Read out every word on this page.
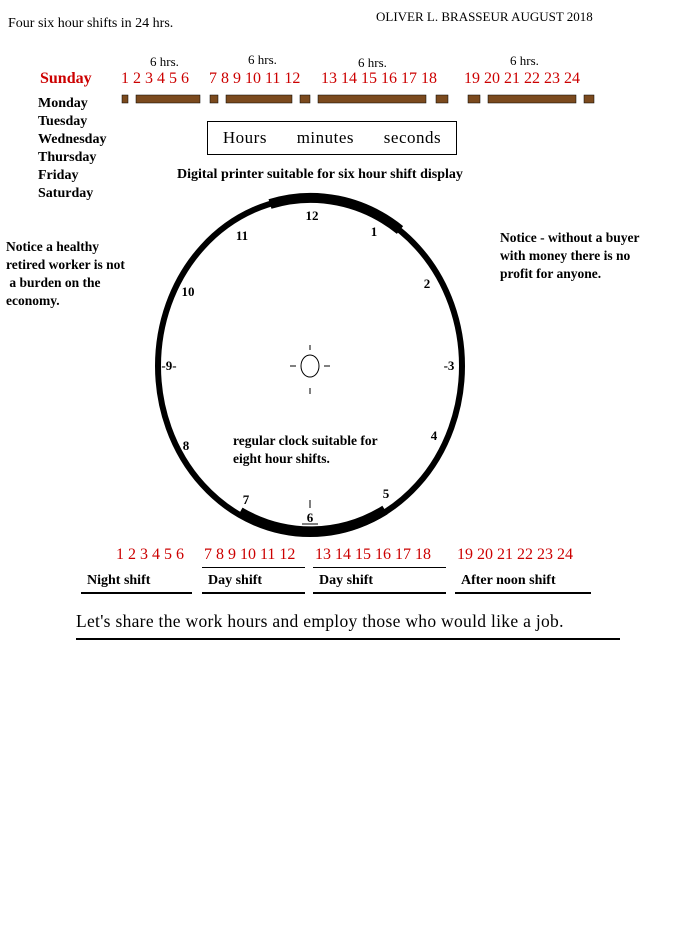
Four six hour shifts in 24 hrs.	OLIVER L. BRASSEUR AUGUST 2018
6 hrs.	6 hrs.	6 hrs.	6 hrs.
Sunday 1 2 3 4 5 6 7 8 9 10 11 12 13 14 15 16 17 18 19 20 21 22 23 24
Monday
Tuesday
Wednesday
Thursday
Friday
Saturday
Hours minutes seconds
Digital printer suitable for six hour shift display
Notice a healthy
retired worker is not
a burden on the
economy.
Notice - without a buyer
with money there is no
profit for anyone.
12
1
2
-3
4
5
6
7
8
-9-
10
11
regular clock suitable for
eight hour shifts.
1 2 3 4 5 6 7 8 9 10 11 12 13 14 15 16 17 18 19 20 21 22 23 24
Night shift	Day shift	Day shift	After noon shift
Let's share the work hours and employ those who would like a job.
